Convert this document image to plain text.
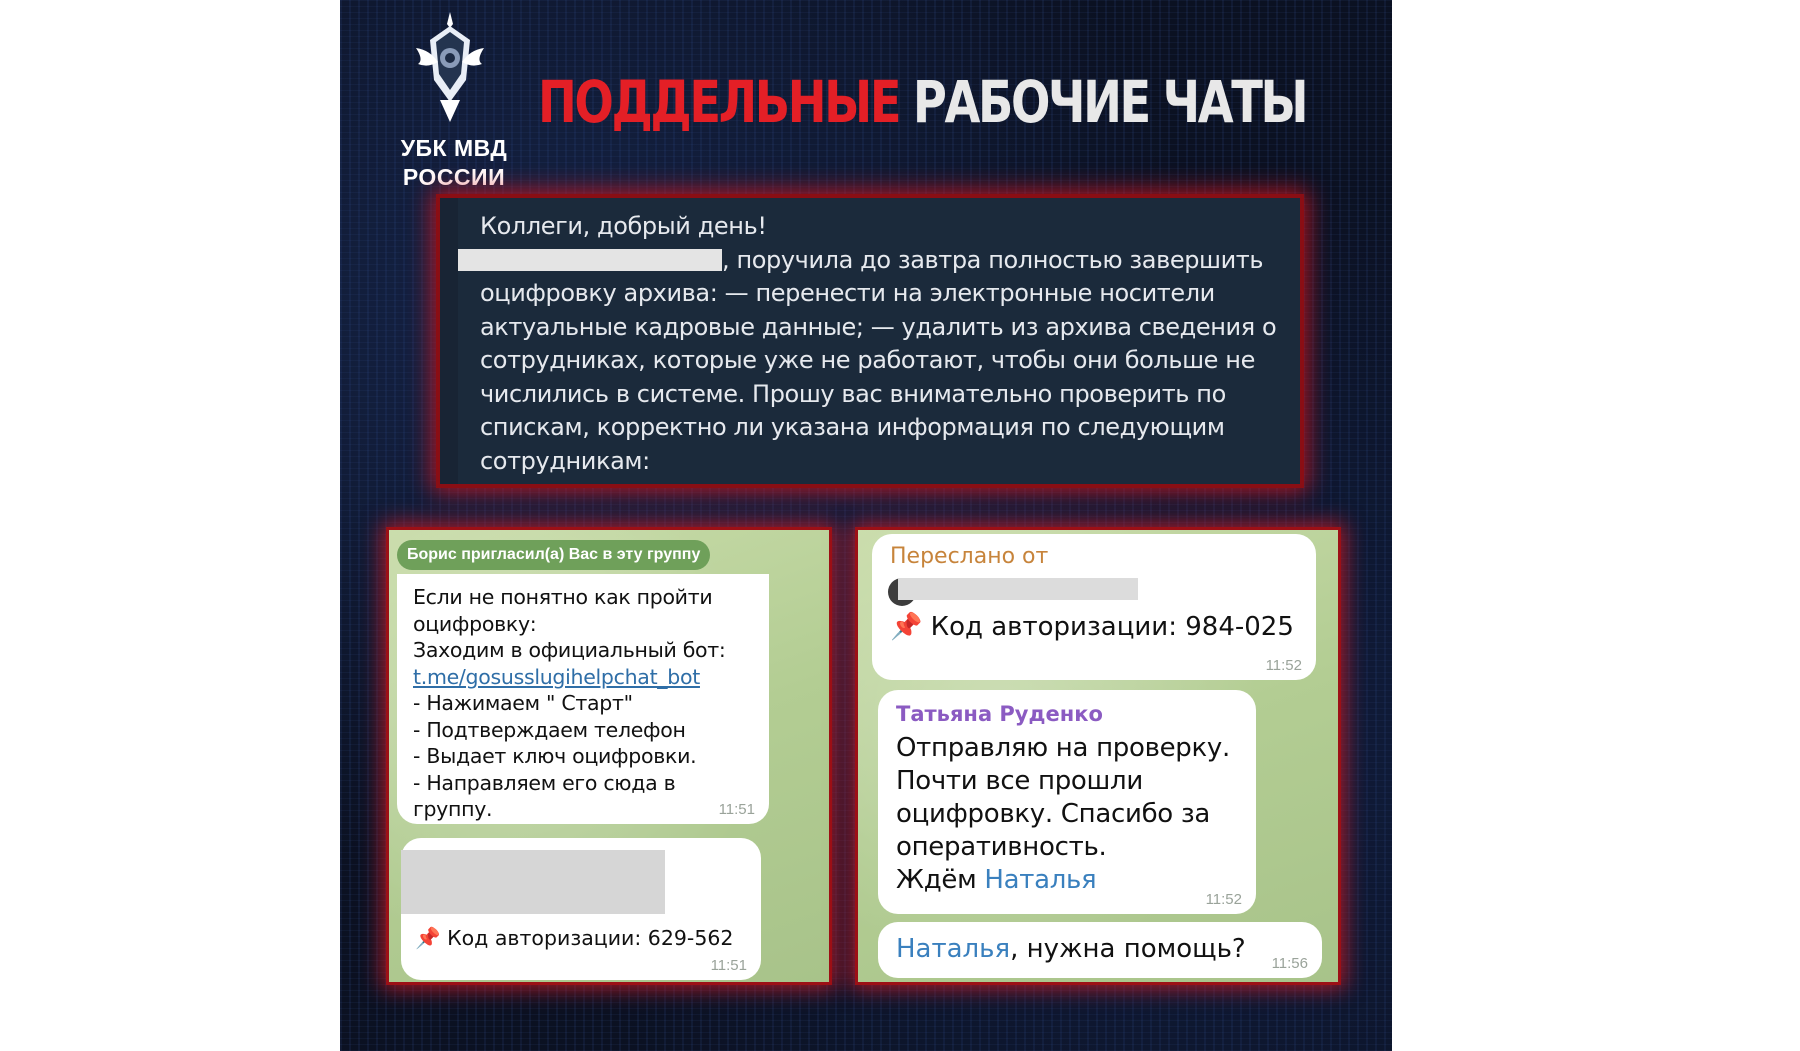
УБК МВД
РОССИИ
ПОДДЕЛЬНЫЕ РАБОЧИЕ ЧАТЫ

Коллеги, добрый день!

, поручила до завтра полностью завершить

оцифровку архива: — перенести на электронные носители

актуальные кадровые данные; — удалить из архива сведения о

сотрудниках, которые уже не работают, чтобы они больше не

числились в системе. Прошу вас внимательно проверить по

спискам, корректно ли указана информация по следующим

сотрудникам:

Борис пригласил(а) Вас в эту группу
Если не понятно как пройти
оцифровку:
Заходим в официальный бот:
t.me/gosusslugihelpchat_bot
- Нажимаем " Старт"
- Подтверждаем телефон
- Выдает ключ оцифровки.
- Направляем его сюда в
группу.	11:51
📌 Код авторизации: 629-562
11:51
Переслано от
📌 Код авторизации: 984-025
11:52
Татьяна Руденко
Отправляю на проверку.
Почти все прошли
оцифровку. Спасибо за
оперативность.
Ждём Наталья
11:52
Наталья, нужна помощь? 11:56
